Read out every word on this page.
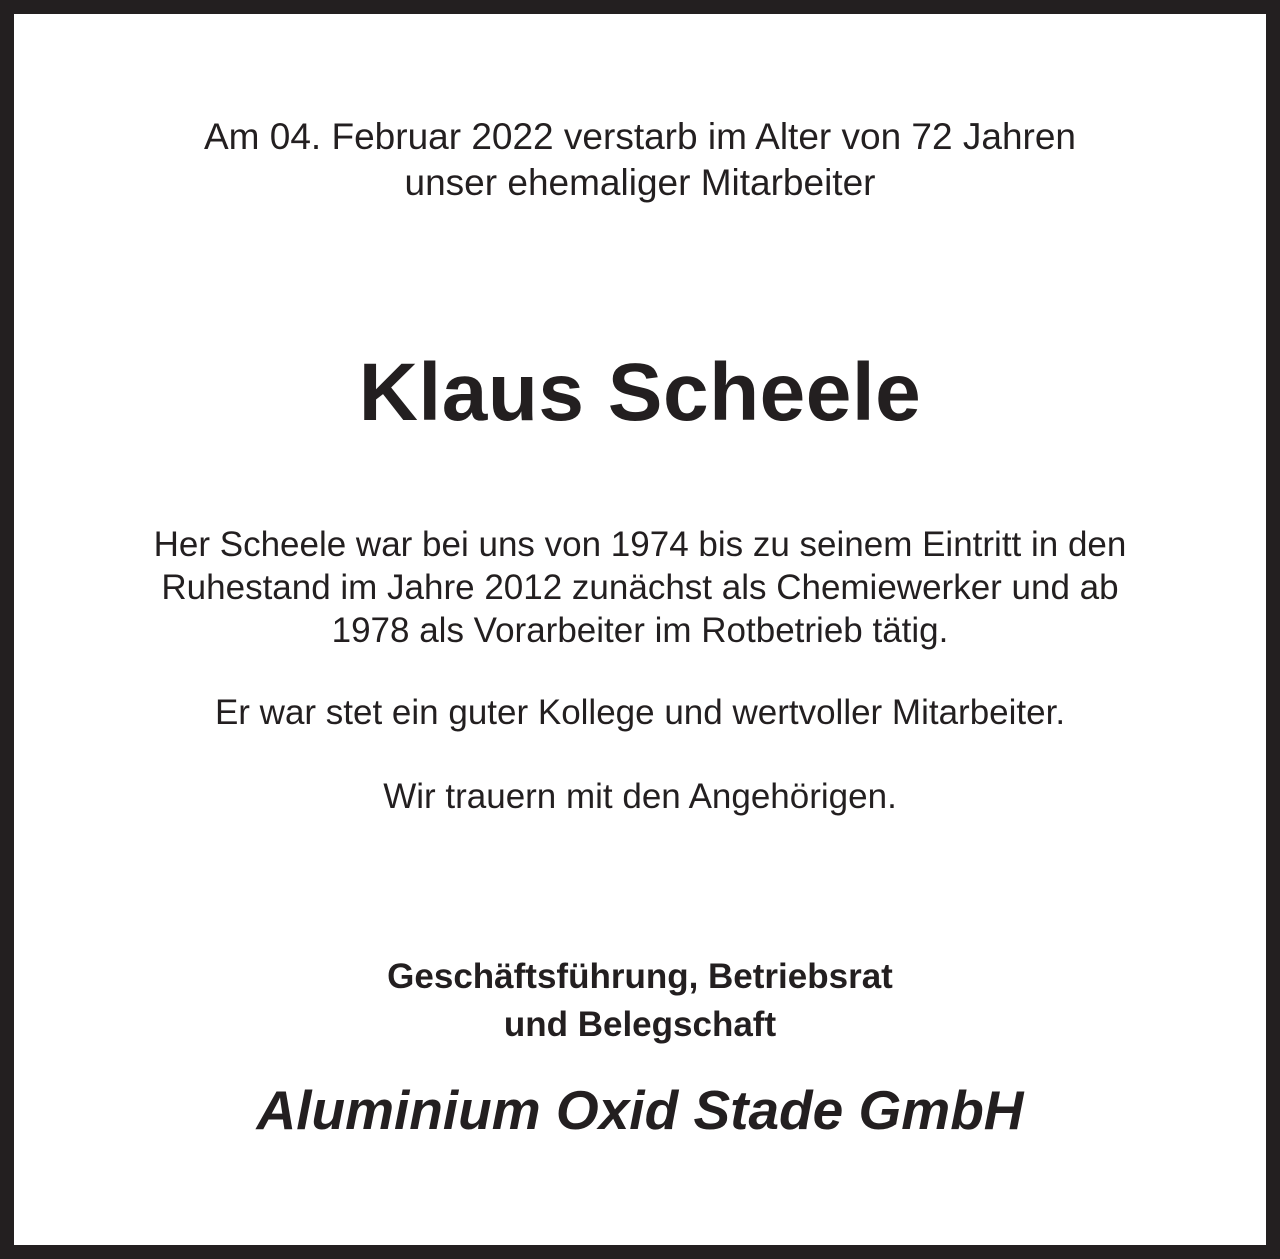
Am 04. Februar 2022 verstarb im Alter von 72 Jahren

unser ehemaliger Mitarbeiter

Klaus Scheele

Her Scheele war bei uns von 1974 bis zu seinem Eintritt in den

Ruhestand im Jahre 2012 zunächst als Chemiewerker und ab

1978 als Vorarbeiter im Rotbetrieb tätig.

Er war stet ein guter Kollege und wertvoller Mitarbeiter.

Wir trauern mit den Angehörigen.

Geschäftsführung, Betriebsrat

und Belegschaft

Aluminium Oxid Stade GmbH
